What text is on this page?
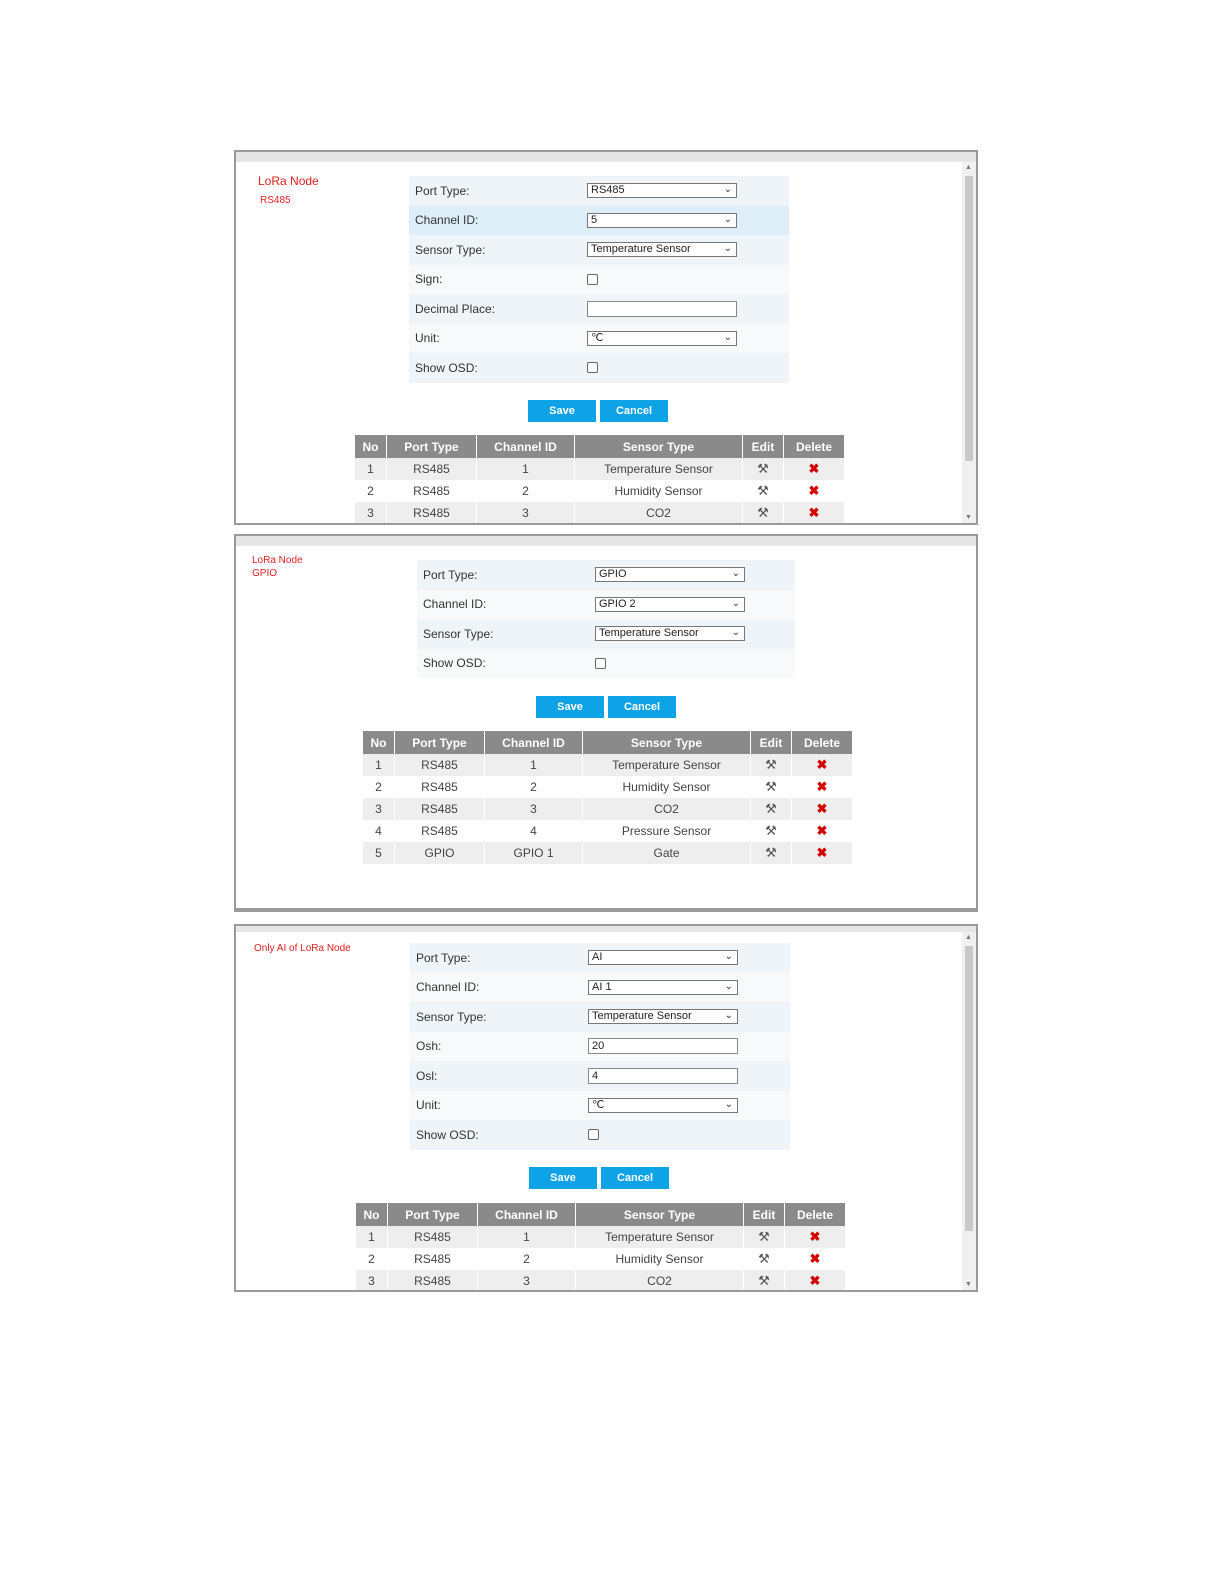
LoRa Node
RS485
Port Type:	RS485	⌄
Channel ID:	5	⌄
Sensor Type:	Temperature Sensor	⌄
Sign:
Decimal Place:
Unit:	℃	⌄
Show OSD:
Save	Cancel
No	Port Type	Channel ID	Sensor Type	Edit	Delete
1	RS485	1	Temperature Sensor	⚒	✖
2	RS485	2	Humidity Sensor	⚒	✖
3	RS485	3	CO2	⚒	✖
▲
▼
LoRa Node
GPIO	Port Type:	GPIO	⌄
Channel ID:	GPIO 2	⌄
Sensor Type:	Temperature Sensor	⌄
Show OSD:
Save	Cancel
No	Port Type	Channel ID	Sensor Type	Edit	Delete
1	RS485	1	Temperature Sensor	⚒	✖
2	RS485	2	Humidity Sensor	⚒	✖
3	RS485	3	CO2	⚒	✖
4	RS485	4	Pressure Sensor	⚒	✖
5	GPIO	GPIO 1	Gate	⚒	✖
Only AI of LoRa Node
Port Type:	AI	⌄
Channel ID:	AI 1	⌄
Sensor Type:	Temperature Sensor	⌄
Osh:	20
Osl:	4
Unit:	℃	⌄
Show OSD:
Save	Cancel
No	Port Type	Channel ID	Sensor Type	Edit	Delete
1	RS485	1	Temperature Sensor	⚒	✖
2	RS485	2	Humidity Sensor	⚒	✖
3	RS485	3	CO2	⚒	✖
▲
▼
